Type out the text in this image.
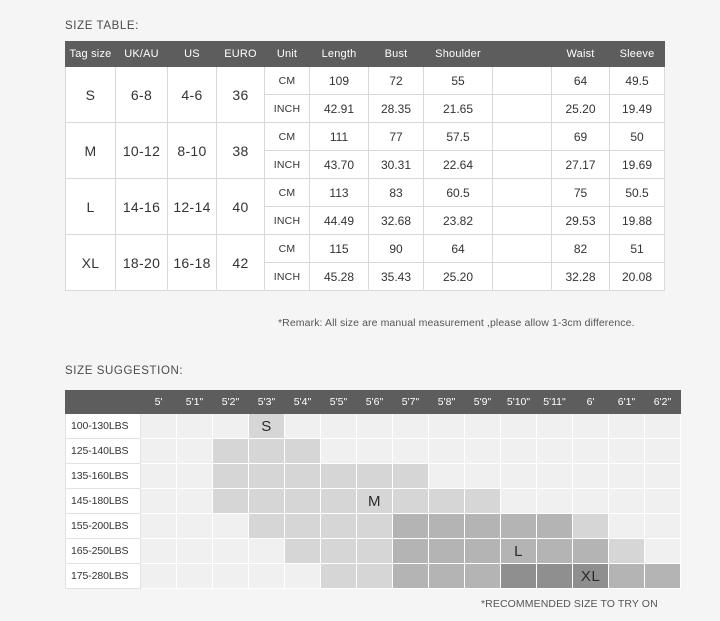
SIZE TABLE:
Tag size	UK/AU	US	EURO	Unit	Length	Bust	Shoulder		Waist	Sleeve
S	6-8	4-6	36	CM	109	72	55		64	49.5
				INCH	42.91	28.35	21.65		25.20	19.49
M	10-12	8-10	38	CM	111	77	57.5		69	50
				INCH	43.70	30.31	22.64		27.17	19.69
L	14-16	12-14	40	CM	113	83	60.5		75	50.5
				INCH	44.49	32.68	23.82		29.53	19.88
XL	18-20	16-18	42	CM	115	90	64		82	51
				INCH	45.28	35.43	25.20		32.28	20.08
*Remark: All size are manual measurement ,please allow 1-3cm difference.
SIZE SUGGESTION:
	5'	5'1"	5'2"	5'3"	5'4"	5'5"	5'6"	5'7"	5'8"	5'9"	5'10"	5'11"	6'	6'1"	6'2"
100-130LBS				S											
125-140LBS															
135-160LBS															
145-180LBS							M								
155-200LBS															
165-250LBS											L				
175-280LBS													XL		
*RECOMMENDED SIZE TO TRY ON
